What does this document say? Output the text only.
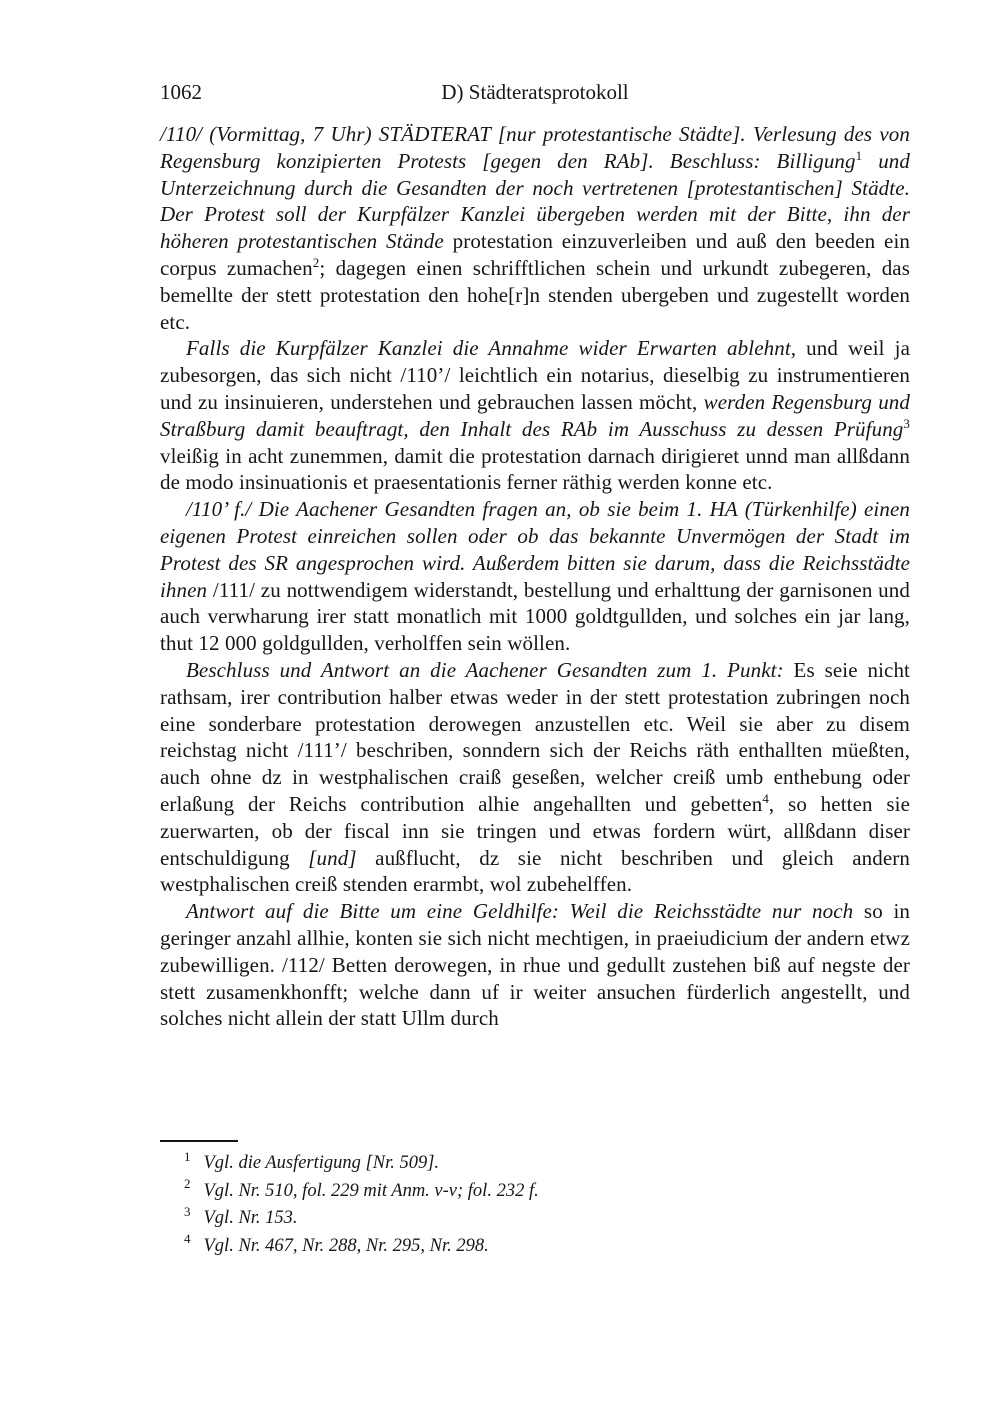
1062	D) Städteratsprotokoll

/110/ (Vormittag, 7 Uhr) STÄDTERAT [nur protestantische Städte]. Verlesung des von Regensburg konzipierten Protests [gegen den RAb]. Beschluss: Billigung$^1$ und Unterzeichnung durch die Gesandten der noch vertretenen [protestantischen] Städte. Der Protest soll der Kurpfälzer Kanzlei übergeben werden mit der Bitte, ihn der höheren protestantischen Stände protestation einzuverleiben und auß den beeden ein corpus zumachen$^2$; dagegen einen schrifftlichen schein und urkundt zubegeren, das bemellte der stett protestation den hohe[r]n stenden ubergeben und zugestellt worden etc.

Falls die Kurpfälzer Kanzlei die Annahme wider Erwarten ablehnt, und weil ja zubesorgen, das sich nicht /110’/ leichtlich ein notarius, dieselbig zu instrumentieren und zu insinuieren, understehen und gebrauchen lassen möcht, werden Regensburg und Straßburg damit beauftragt, den Inhalt des RAb im Ausschuss zu dessen Prüfung$^3$ vleißig in acht zunemmen, damit die protestation darnach dirigieret unnd man allßdann de modo insinuationis et praesentationis ferner räthig werden konne etc.

/110’ f./ Die Aachener Gesandten fragen an, ob sie beim 1. HA (Türkenhilfe) einen eigenen Protest einreichen sollen oder ob das bekannte Unvermögen der Stadt im Protest des SR angesprochen wird. Außerdem bitten sie darum, dass die Reichsstädte ihnen /111/ zu nottwendigem widerstandt, bestellung und erhalttung der garnisonen und auch verwharung irer statt monatlich mit 1000 goldtgullden, und solches ein jar lang, thut 12 000 goldgullden, verholffen sein wöllen.

Beschluss und Antwort an die Aachener Gesandten zum 1. Punkt: Es seie nicht rathsam, irer contribution halber etwas weder in der stett protestation zubringen noch eine sonderbare protestation derowegen anzustellen etc. Weil sie aber zu disem reichstag nicht /111’/ beschriben, sonndern sich der Reichs räth enthallten müeßten, auch ohne dz in westphalischen craiß geseßen, welcher creiß umb enthebung oder erlaßung der Reichs contribution alhie angehallten und gebetten$^4$, so hetten sie zuerwarten, ob der fiscal inn sie tringen und etwas fordern würt, allßdann diser entschuldigung [und] außflucht, dz sie nicht beschriben und gleich andern westphalischen creiß stenden erarmbt, wol zubehelffen.

Antwort auf die Bitte um eine Geldhilfe: Weil die Reichsstädte nur noch so in geringer anzahl allhie, konten sie sich nicht mechtigen, in praeiudicium der andern etwz zubewilligen. /112/ Betten derowegen, in rhue und gedullt zustehen biß auf negste der stett zusamenkhonfft; welche dann uf ir weiter ansuchen fürderlich angestellt, und solches nicht allein der statt Ullm durch

$^1$ Vgl. die Ausfertigung [Nr. 509].
$^2$ Vgl. Nr. 510, fol. 229 mit Anm. v-v; fol. 232 f.
$^3$ Vgl. Nr. 153.
$^4$ Vgl. Nr. 467, Nr. 288, Nr. 295, Nr. 298.
